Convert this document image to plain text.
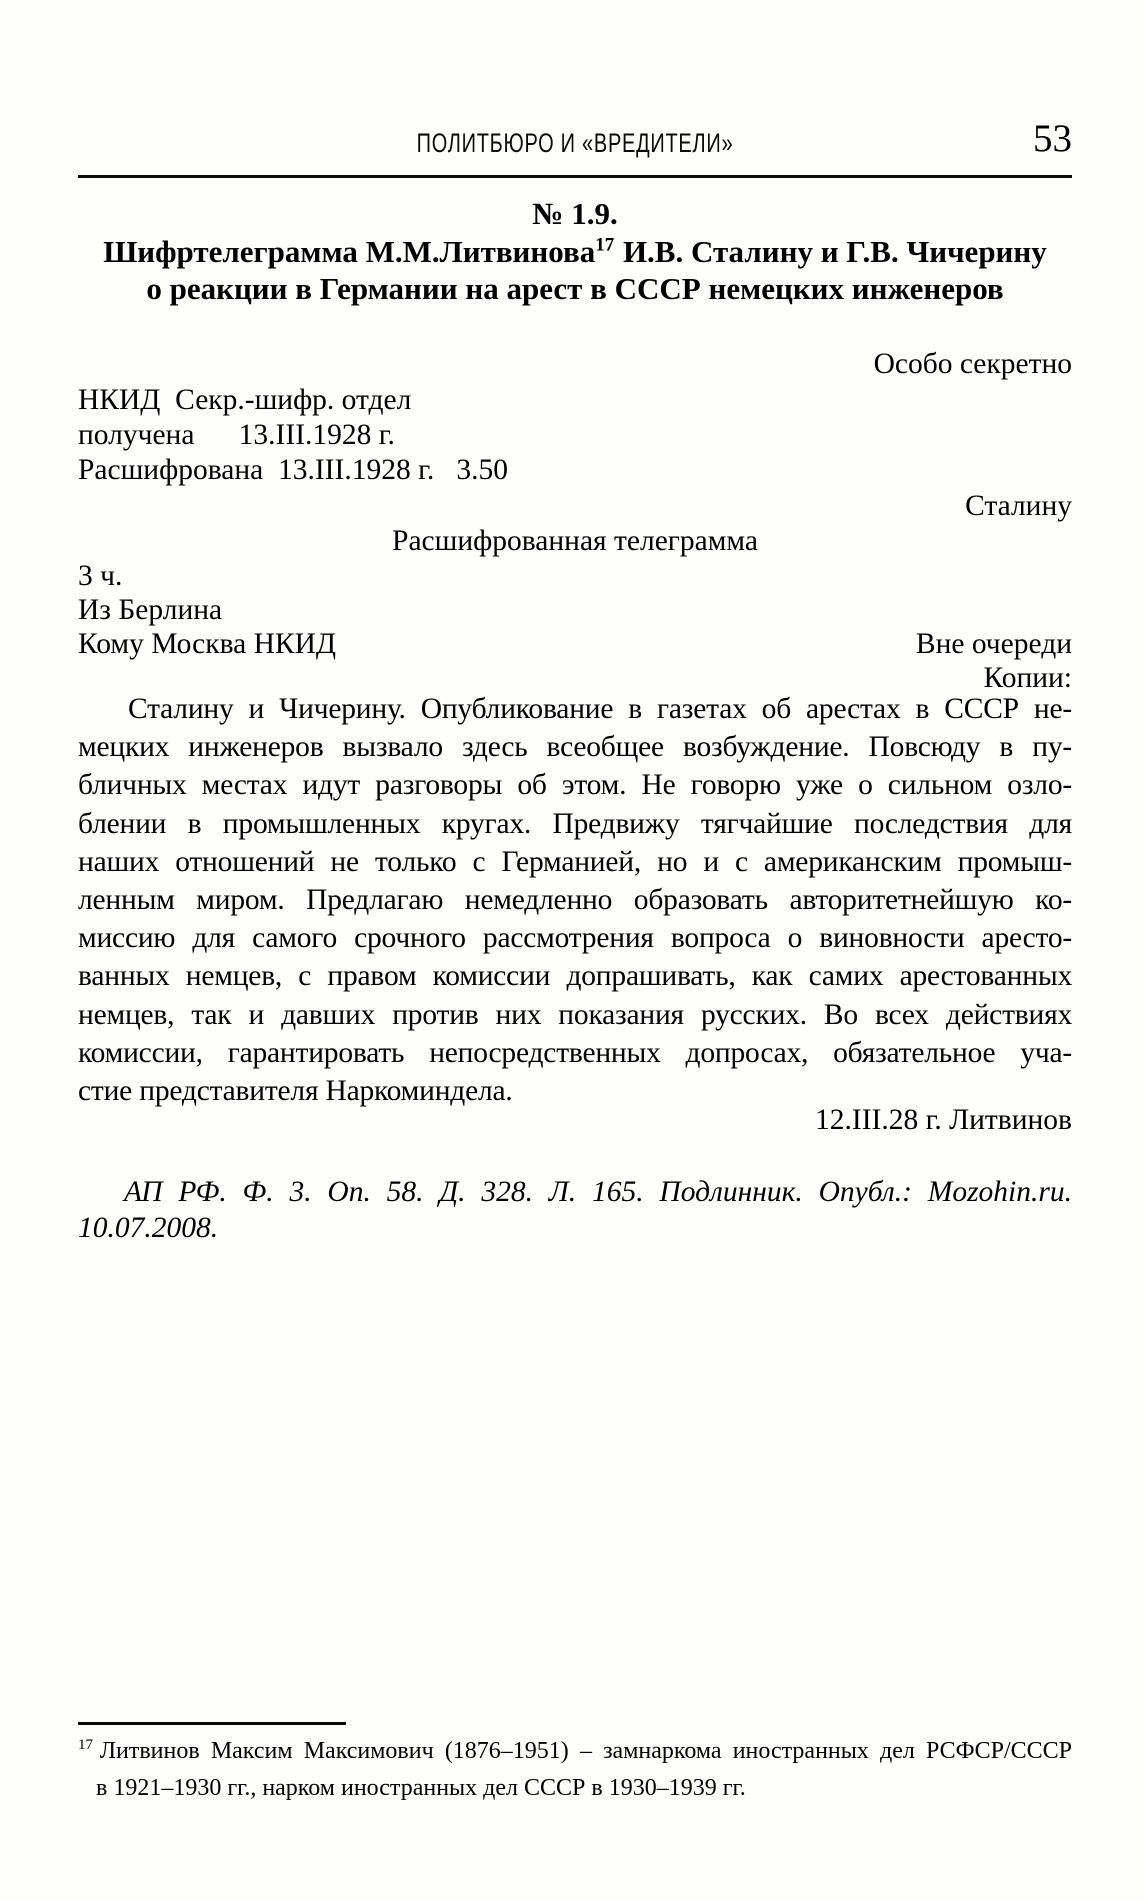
ПОЛИТБЮРО И «ВРЕДИТЕЛИ»	53
№ 1.9.
Шифртелеграмма М.М.Литвинова$^{17}$ И.В. Сталину и Г.В. Чичерину
о реакции в Германии на арест в СССР немецких инженеров
Особо секретно
НКИД  Секр.-шифр. отдел
получена      13.III.1928 г.
Расшифрована  13.III.1928 г.   3.50
Сталину
Расшифрованная телеграмма
3 ч.
Из Берлина
Кому Москва НКИД	Вне очереди
Копии:
Сталину и Чичерину. Опубликование в газетах об арестах в СССР не-
мецких инженеров вызвало здесь всеобщее возбуждение. Повсюду в пу-
бличных местах идут разговоры об этом. Не говорю уже о сильном озло-
блении в промышленных кругах. Предвижу тягчайшие последствия для
наших отношений не только с Германией, но и с американским промыш-
ленным миром. Предлагаю немедленно образовать авторитетнейшую ко-
миссию для самого срочного рассмотрения вопроса о виновности аресто-
ванных немцев, с правом комиссии допрашивать, как самих арестованных
немцев, так и давших против них показания русских. Во всех действиях
комиссии, гарантировать непосредственных допросах, обязательное уча-
стие представителя Наркоминдела.
12.III.28 г. Литвинов
АП РФ. Ф. 3. Оп. 58. Д. 328. Л. 165. Подлинник. Опубл.: Mozohin.ru.
10.07.2008.
$^{17}$ Литвинов Максим Максимович (1876–1951) – замнаркома иностранных дел РСФСР/СССР
в 1921–1930 гг., нарком иностранных дел СССР в 1930–1939 гг.
